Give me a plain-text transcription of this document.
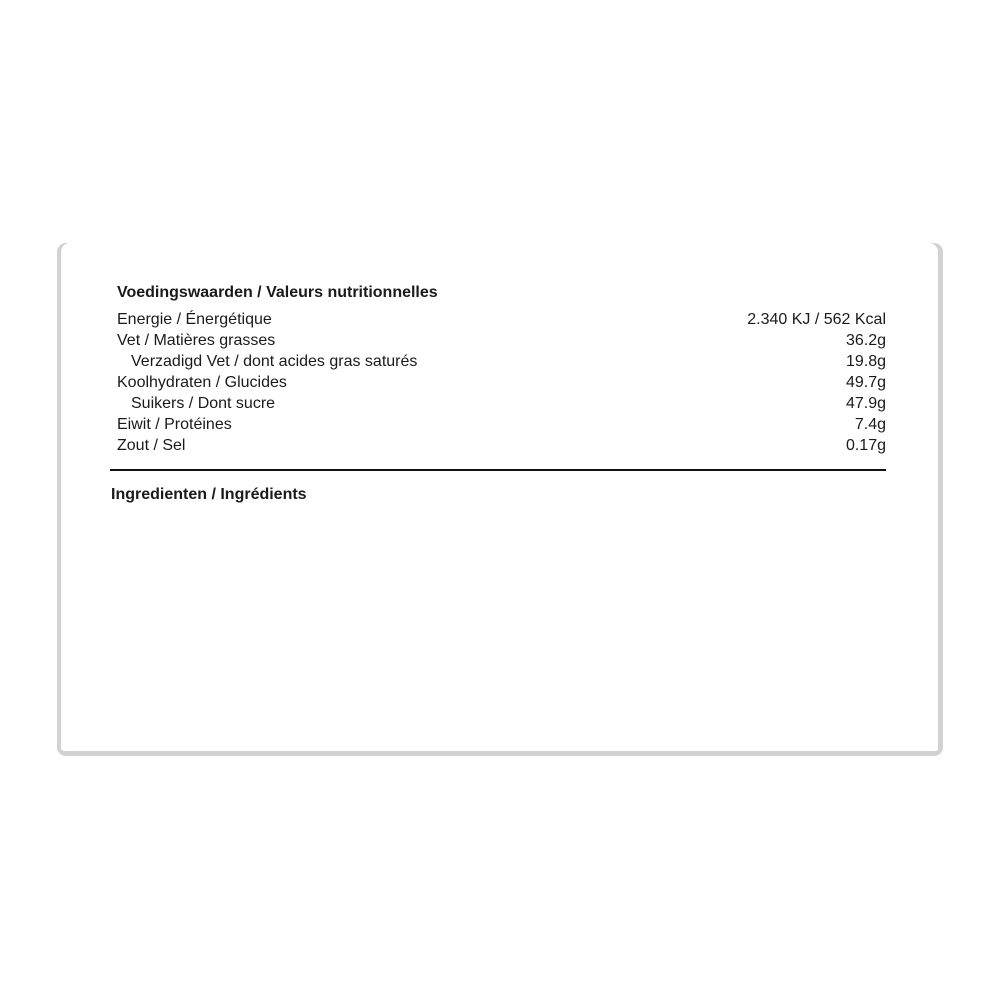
Voedingswaarden / Valeurs nutritionnelles
Energie / Énergétique	2.340 KJ / 562 Kcal
Vet / Matières grasses	36.2g
Verzadigd Vet / dont acides gras saturés	19.8g
Koolhydraten / Glucides	49.7g
Suikers / Dont sucre	47.9g
Eiwit / Protéines	7.4g
Zout / Sel	0.17g
Ingredienten / Ingrédients
